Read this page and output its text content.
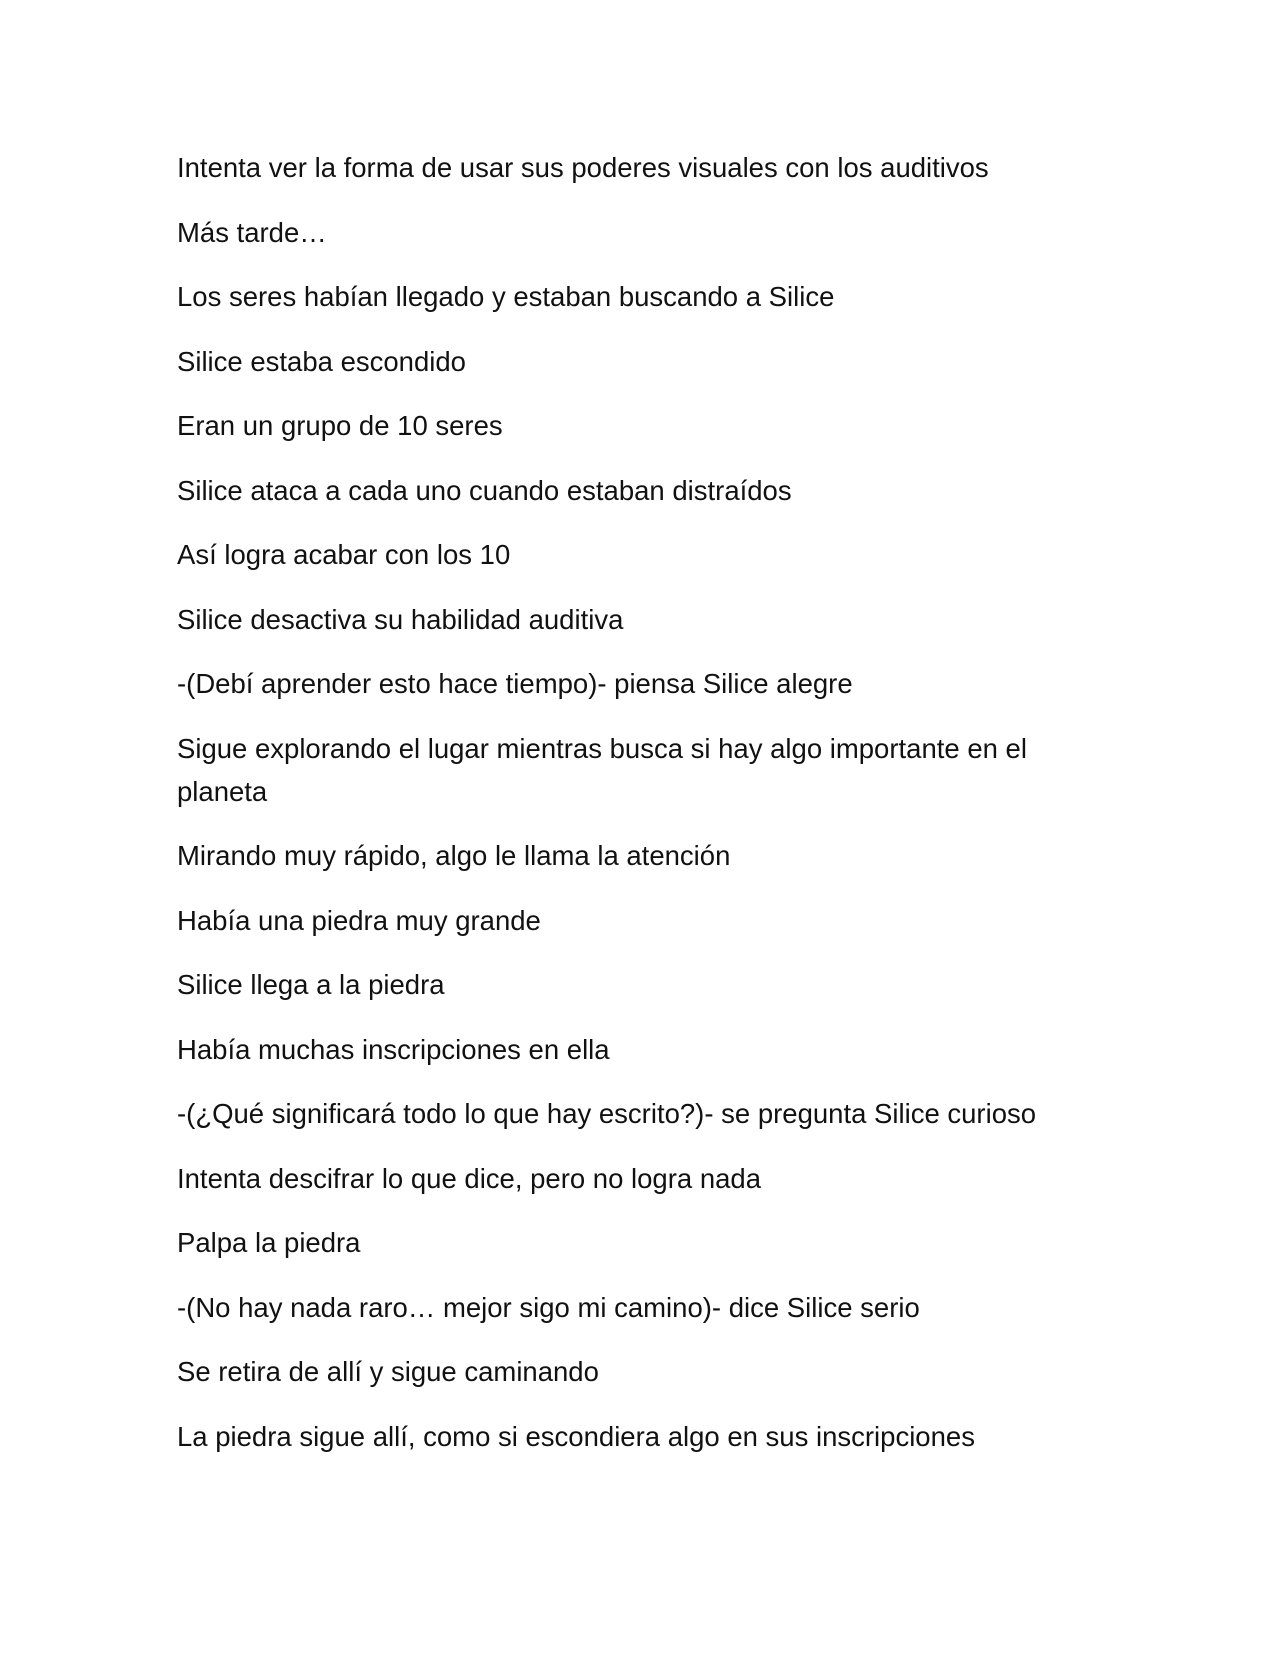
Intenta ver la forma de usar sus poderes visuales con los auditivos

Más tarde…

Los seres habían llegado y estaban buscando a Silice

Silice estaba escondido

Eran un grupo de 10 seres

Silice ataca a cada uno cuando estaban distraídos

Así logra acabar con los 10

Silice desactiva su habilidad auditiva

-(Debí aprender esto hace tiempo)- piensa Silice alegre

Sigue explorando el lugar mientras busca si hay algo importante en el planeta

Mirando muy rápido, algo le llama la atención

Había una piedra muy grande

Silice llega a la piedra

Había muchas inscripciones en ella

-(¿Qué significará todo lo que hay escrito?)- se pregunta Silice curioso

Intenta descifrar lo que dice, pero no logra nada

Palpa la piedra

-(No hay nada raro… mejor sigo mi camino)- dice Silice serio

Se retira de allí y sigue caminando

La piedra sigue allí, como si escondiera algo en sus inscripciones
